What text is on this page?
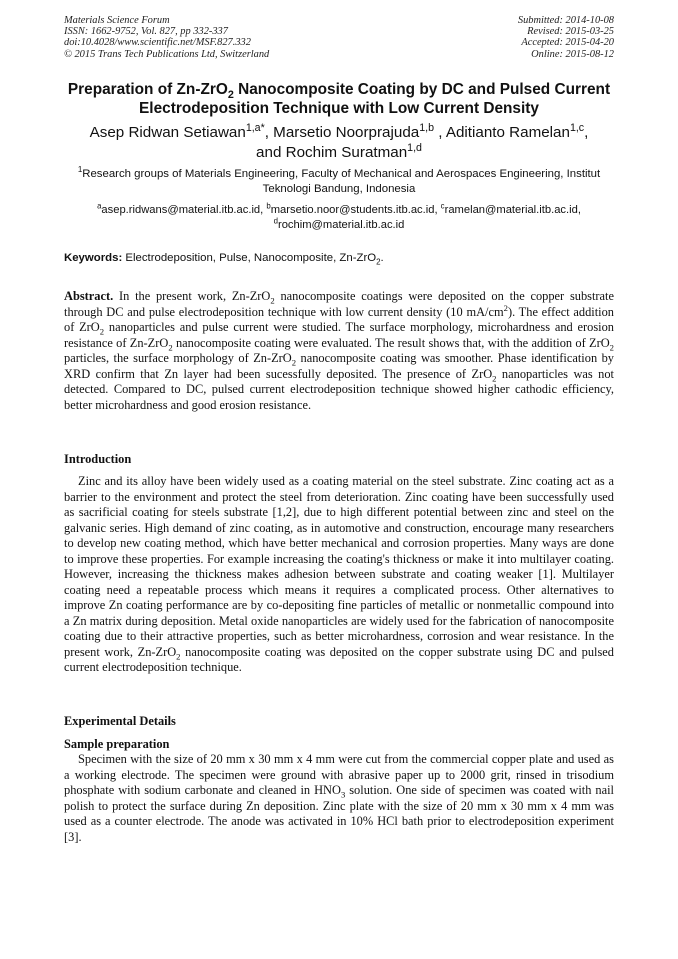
Materials Science Forum
ISSN: 1662-9752, Vol. 827, pp 332-337
doi:10.4028/www.scientific.net/MSF.827.332
© 2015 Trans Tech Publications Ltd, Switzerland
Submitted: 2014-10-08
Revised: 2015-03-25
Accepted: 2015-04-20
Online: 2015-08-12
Preparation of Zn-ZrO$_2$ Nanocomposite Coating by DC and Pulsed Current Electrodeposition Technique with Low Current Density
Asep Ridwan Setiawan$^{1,a*}$, Marsetio Noorprajuda$^{1,b}$ , Aditianto Ramelan$^{1,c}$,
and Rochim Suratman$^{1,d}$
$^1$Research groups of Materials Engineering, Faculty of Mechanical and Aerospaces Engineering, Institut Teknologi Bandung, Indonesia
$^a$asep.ridwans@material.itb.ac.id, $^b$marsetio.noor@students.itb.ac.id, $^c$ramelan@material.itb.ac.id,
$^d$rochim@material.itb.ac.id
Keywords: Electrodeposition, Pulse, Nanocomposite, Zn-ZrO$_2$.
Abstract. In the present work, Zn-ZrO$_2$ nanocomposite coatings were deposited on the copper substrate through DC and pulse electrodeposition technique with low current density (10 $mA/cm^2$). The effect addition of ZrO$_2$ nanoparticles and pulse current were studied. The surface morphology, microhardness and erosion resistance of Zn-ZrO$_2$ nanocomposite coating were evaluated. The result shows that, with the addition of ZrO$_2$ particles, the surface morphology of Zn-ZrO$_2$ nanocomposite coating was smoother. Phase identification by XRD confirm that Zn layer had been sucessfully deposited. The presence of ZrO$_2$ nanoparticles was not detected. Compared to DC, pulsed current electrodeposition technique showed higher cathodic efficiency, better microhardness and good erosion resistance.
Introduction
Zinc and its alloy have been widely used as a coating material on the steel substrate. Zinc coating act as a barrier to the environment and protect the steel from deterioration. Zinc coating have been successfully used as sacrificial coating for steels substrate [1,2], due to high different potential between zinc and steel on the galvanic series. High demand of zinc coating, as in automotive and construction, encourage many researchers to develop new coating method, which have better mechanical and corrosion properties. Many ways are done to improve these properties. For example increasing the coating's thickness or make it into multilayer coating. However, increasing the thickness makes adhesion between substrate and coating weaker [1]. Multilayer coating need a repeatable process which means it requires a complicated process. Other alternatives to improve Zn coating performance are by co-depositing fine particles of metallic or nonmetallic compound into a Zn matrix during deposition. Metal oxide nanoparticles are widely used for the fabrication of nanocomposite coating due to their attractive properties, such as better microhardness, corrosion and wear resistance. In the present work, Zn-ZrO$_2$ nanocomposite coating was deposited on the copper substrate using DC and pulsed current electrodeposition technique.
Experimental Details
Sample preparation
Specimen with the size of 20 mm x 30 mm x 4 mm were cut from the commercial copper plate and used as a working electrode. The specimen were ground with abrasive paper up to 2000 grit, rinsed in trisodium phosphate with sodium carbonate and cleaned in $HNO_3$ solution. One side of specimen was coated with nail polish to protect the surface during Zn deposition. Zinc plate with the size of 20 mm x 30 mm x 4 mm was used as a counter electrode. The anode was activated in 10% HCl bath prior to electrodeposition experiment [3].
